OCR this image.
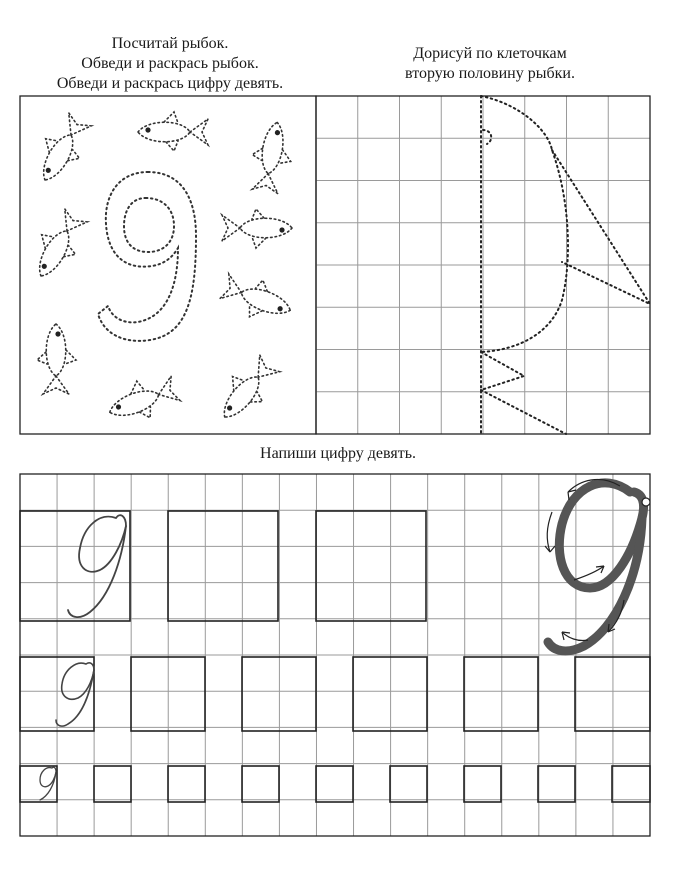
Посчитай рыбок.
Обведи и раскрась рыбок.
Обведи и раскрась цифру девять.
Дорисуй по клеточкам
вторую половину рыбки.
Напиши цифру девять.
